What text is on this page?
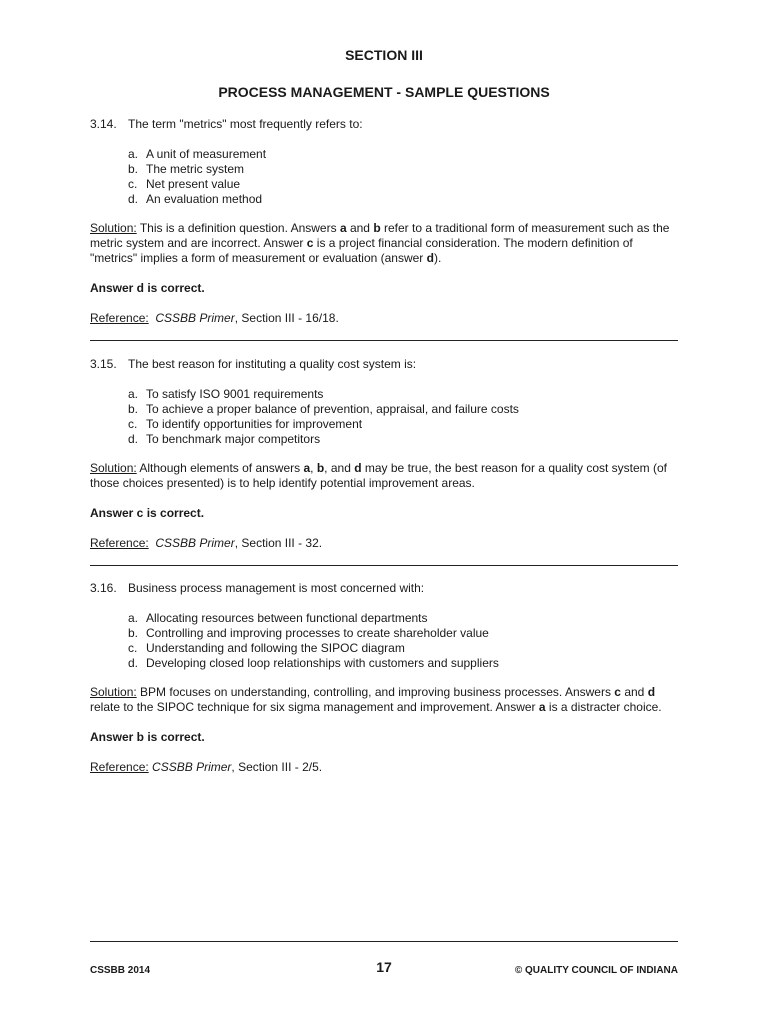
SECTION III
PROCESS MANAGEMENT - SAMPLE QUESTIONS
3.14. The term "metrics" most frequently refers to:
a. A unit of measurement
b. The metric system
c. Net present value
d. An evaluation method
Solution: This is a definition question. Answers a and b refer to a traditional form of measurement such as the metric system and are incorrect. Answer c is a project financial consideration. The modern definition of "metrics" implies a form of measurement or evaluation (answer d).
Answer d is correct.
Reference: CSSBB Primer, Section III - 16/18.
3.15. The best reason for instituting a quality cost system is:
a. To satisfy ISO 9001 requirements
b. To achieve a proper balance of prevention, appraisal, and failure costs
c. To identify opportunities for improvement
d. To benchmark major competitors
Solution: Although elements of answers a, b, and d may be true, the best reason for a quality cost system (of those choices presented) is to help identify potential improvement areas.
Answer c is correct.
Reference: CSSBB Primer, Section III - 32.
3.16. Business process management is most concerned with:
a. Allocating resources between functional departments
b. Controlling and improving processes to create shareholder value
c. Understanding and following the SIPOC diagram
d. Developing closed loop relationships with customers and suppliers
Solution: BPM focuses on understanding, controlling, and improving business processes. Answers c and d relate to the SIPOC technique for six sigma management and improvement. Answer a is a distracter choice.
Answer b is correct.
Reference: CSSBB Primer, Section III - 2/5.
CSSBB 2014	17	© QUALITY COUNCIL OF INDIANA
